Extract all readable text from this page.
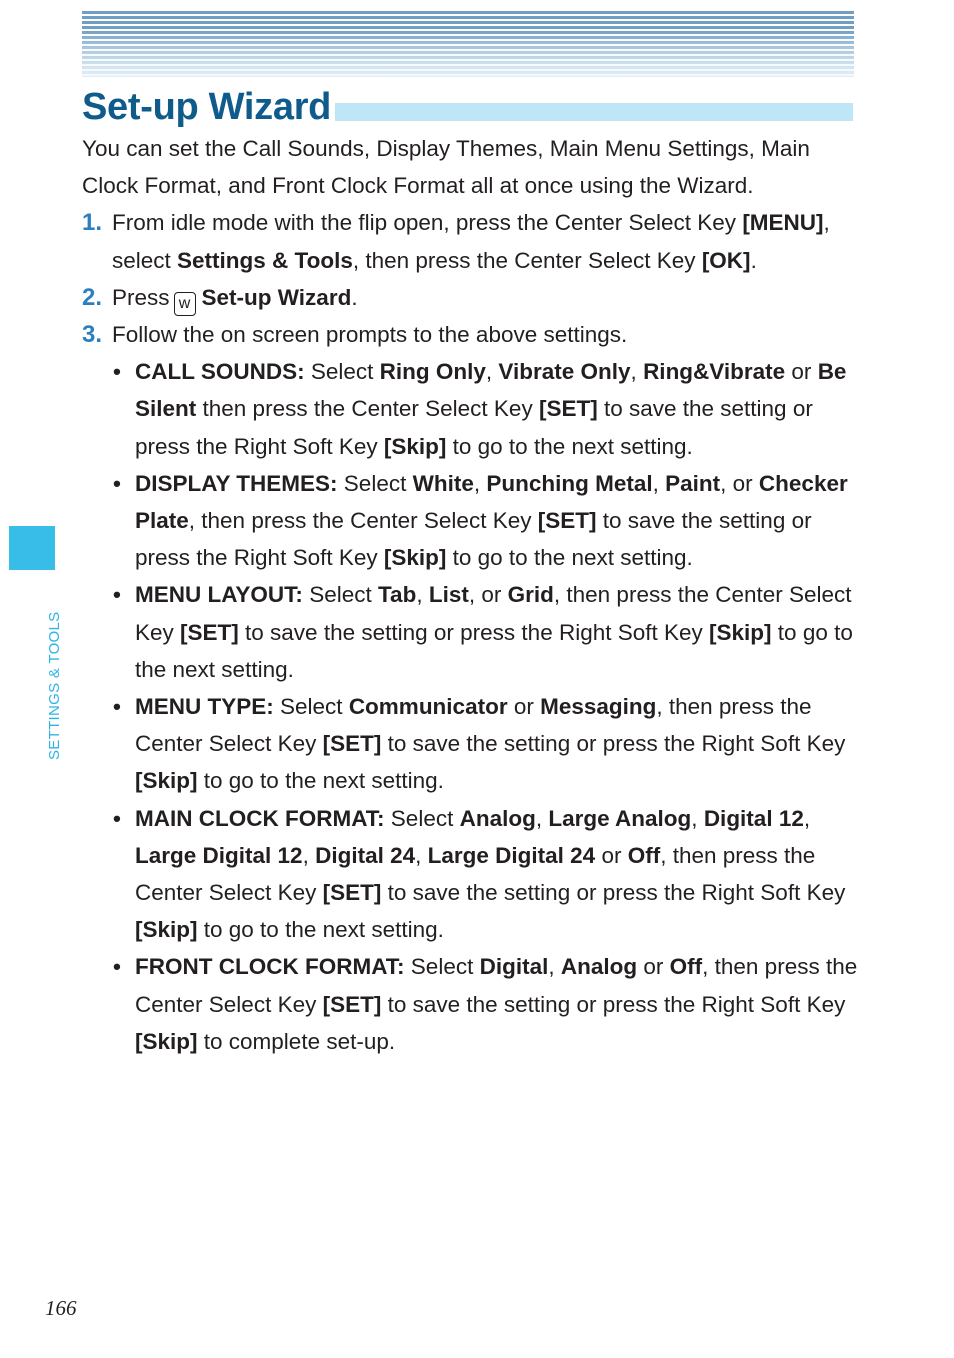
Set-up Wizard

You can set the Call Sounds, Display Themes, Main Menu Settings, Main Clock Format, and Front Clock Format all at once using the Wizard.

1. From idle mode with the flip open, press the Center Select Key [MENU], select Settings & Tools, then press the Center Select Key [OK].
2. Press w Set-up Wizard.
3. Follow the on screen prompts to the above settings.
• CALL SOUNDS: Select Ring Only, Vibrate Only, Ring&Vibrate or Be Silent then press the Center Select Key [SET] to save the setting or press the Right Soft Key [Skip] to go to the next setting.
• DISPLAY THEMES: Select White, Punching Metal, Paint, or Checker Plate, then press the Center Select Key [SET] to save the setting or press the Right Soft Key [Skip] to go to the next setting.
• MENU LAYOUT: Select Tab, List, or Grid, then press the Center Select Key [SET] to save the setting or press the Right Soft Key [Skip] to go to the next setting.
• MENU TYPE: Select Communicator or Messaging, then press the Center Select Key [SET] to save the setting or press the Right Soft Key [Skip] to go to the next setting.
• MAIN CLOCK FORMAT: Select Analog, Large Analog, Digital 12, Large Digital 12, Digital 24, Large Digital 24 or Off, then press the Center Select Key [SET] to save the setting or press the Right Soft Key [Skip] to go to the next setting.
• FRONT CLOCK FORMAT: Select Digital, Analog or Off, then press the Center Select Key [SET] to save the setting or press the Right Soft Key [Skip] to complete set-up.
SETTINGS & TOOLS
166
